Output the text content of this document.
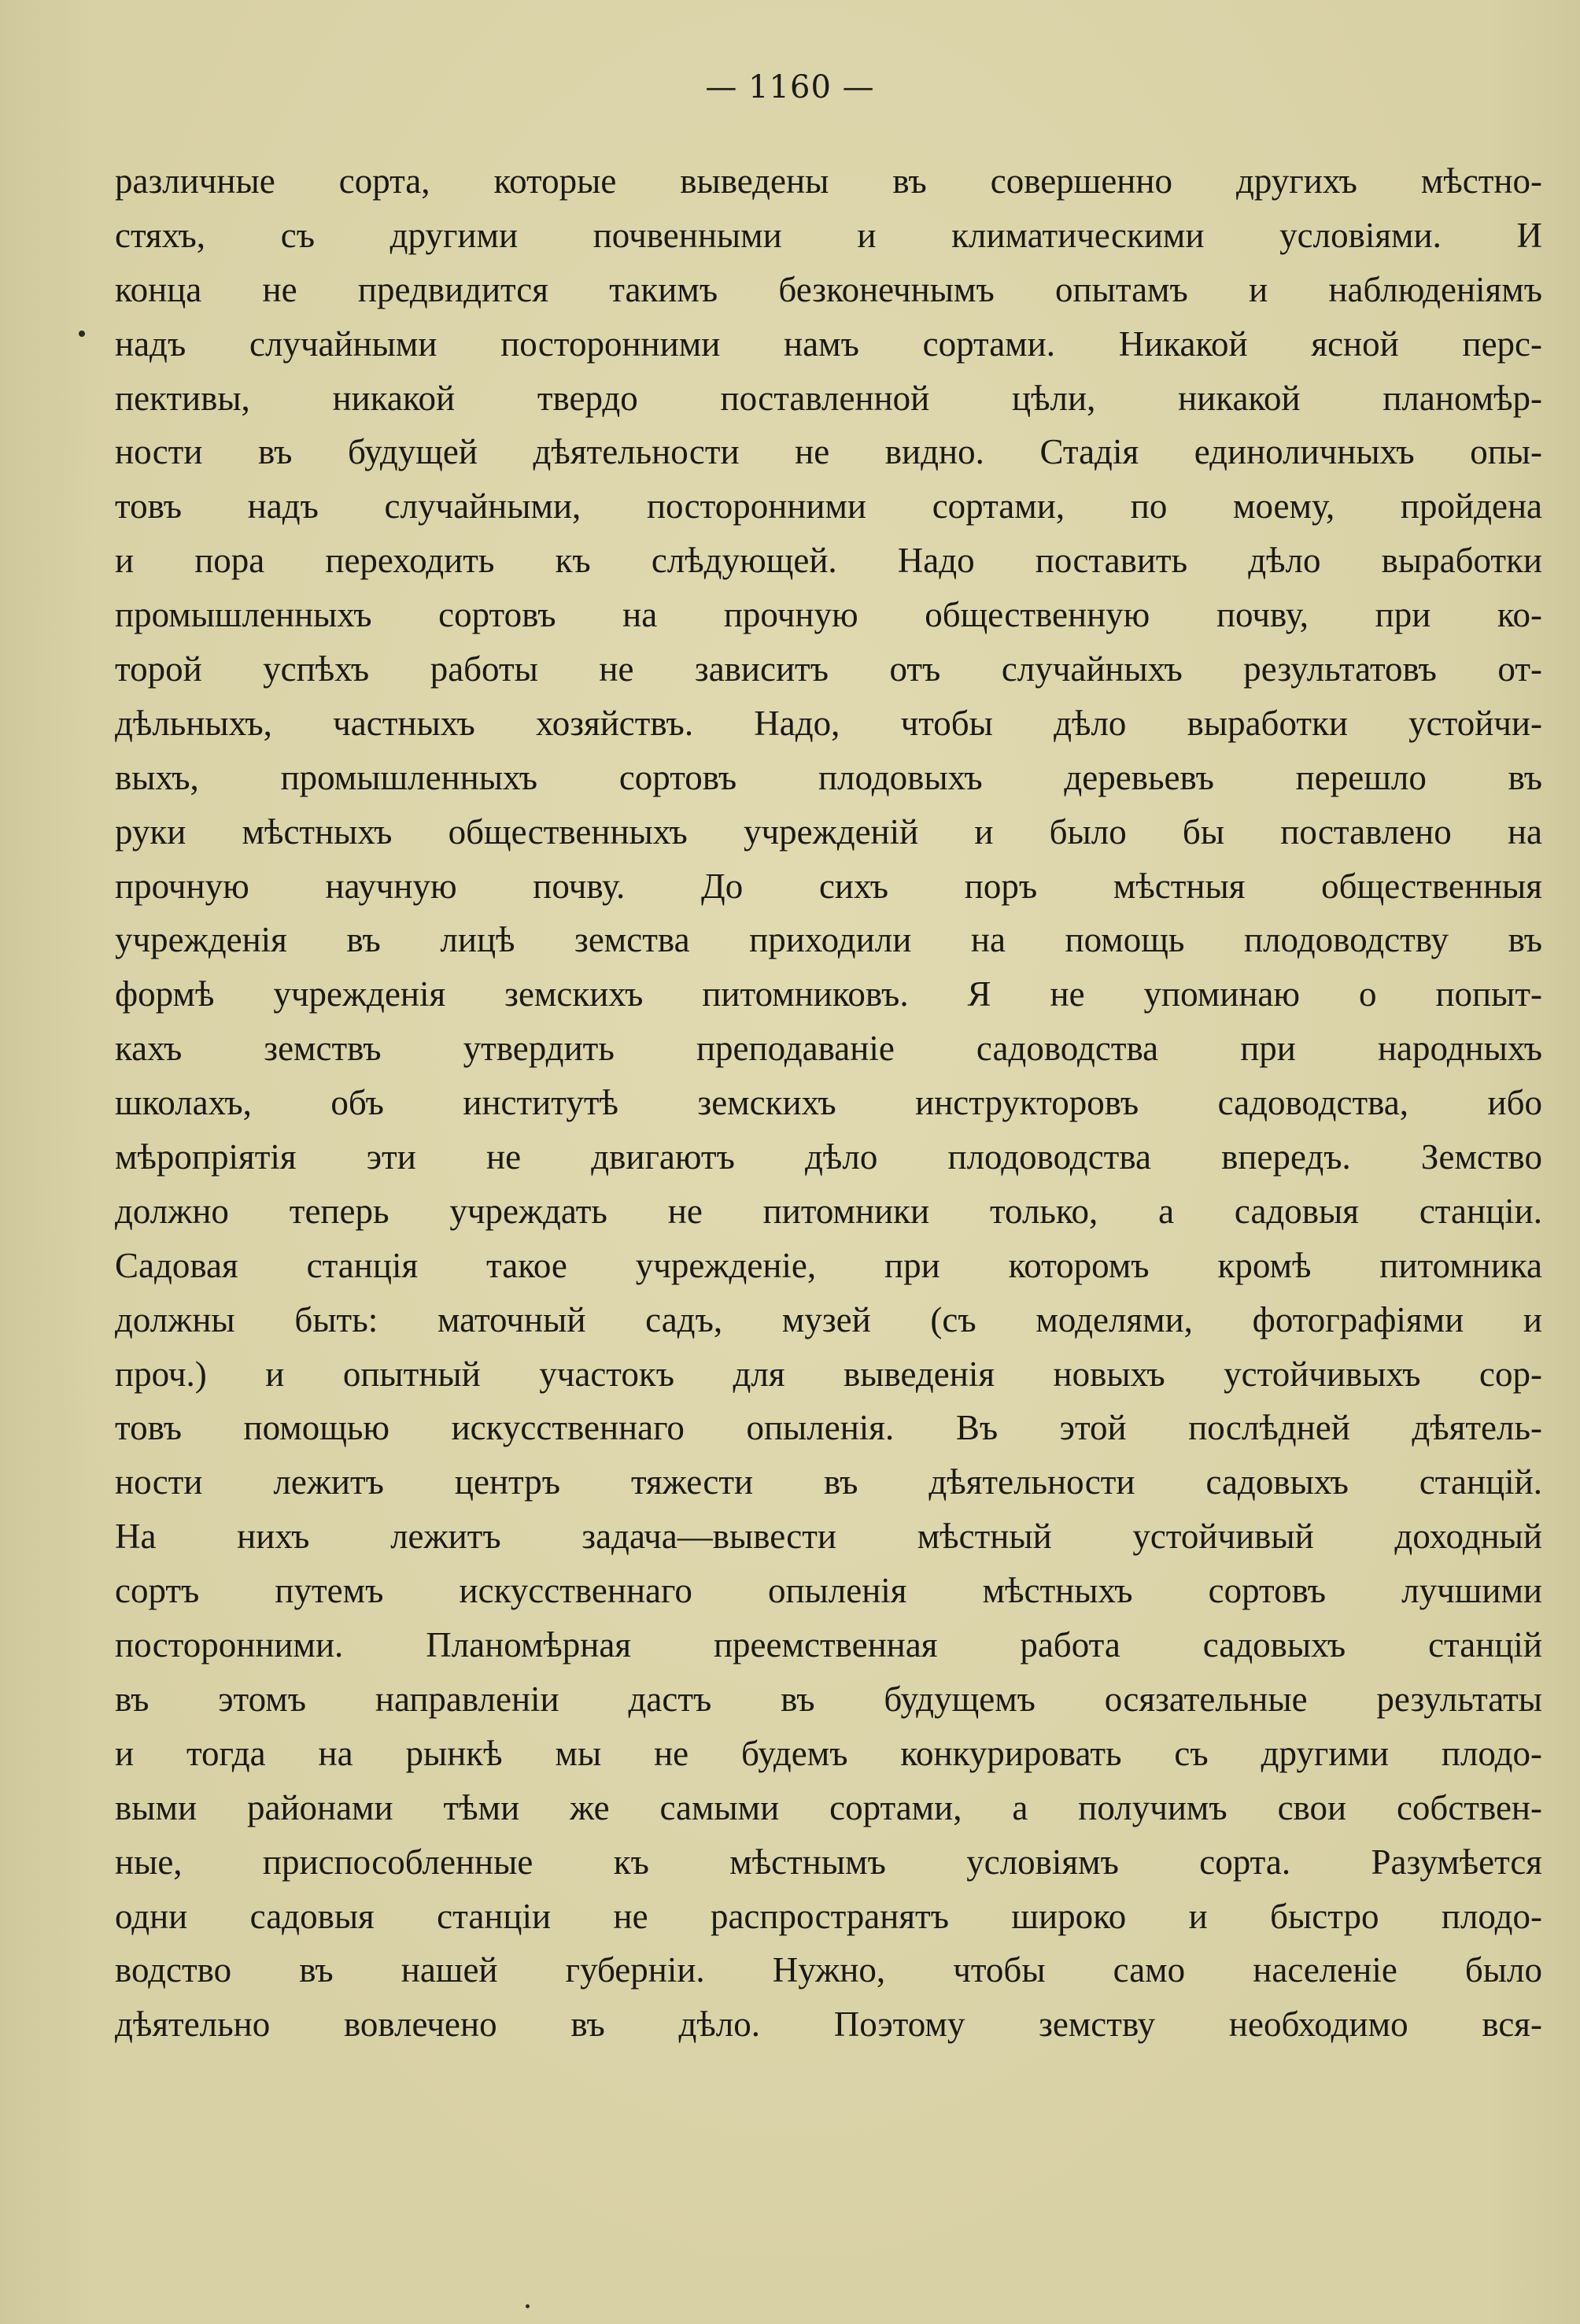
— 1160 —
различные сорта, которые выведены въ совершенно другихъ мѣстно-
стяхъ, съ другими почвенными и климатическими условіями. И
конца не предвидится такимъ безконечнымъ опытамъ и наблюденіямъ
надъ случайными посторонними намъ сортами. Никакой ясной перс-
пективы, никакой твердо поставленной цѣли, никакой планомѣр-
ности въ будущей дѣятельности не видно. Стадія единоличныхъ опы-
товъ надъ случайными, посторонними сортами, по моему, пройдена
и пора переходить къ слѣдующей. Надо поставить дѣло выработки
промышленныхъ сортовъ на прочную общественную почву, при ко-
торой успѣхъ работы не зависитъ отъ случайныхъ результатовъ от-
дѣльныхъ, частныхъ хозяйствъ. Надо, чтобы дѣло выработки устойчи-
выхъ, промышленныхъ сортовъ плодовыхъ деревьевъ перешло въ
руки мѣстныхъ общественныхъ учрежденій и было бы поставлено на
прочную научную почву. До сихъ поръ мѣстныя общественныя
учрежденія въ лицѣ земства приходили на помощь плодоводству въ
формѣ учрежденія земскихъ питомниковъ. Я не упоминаю о попыт-
кахъ земствъ утвердить преподаваніе садоводства при народныхъ
школахъ, объ институтѣ земскихъ инструкторовъ садоводства, ибо
мѣропріятія эти не двигаютъ дѣло плодоводства впередъ. Земство
должно теперь учреждать не питомники только, а садовыя станціи.
Садовая станція такое учрежденіе, при которомъ кромѣ питомника
должны быть: маточный садъ, музей (съ моделями, фотографіями и
проч.) и опытный участокъ для выведенія новыхъ устойчивыхъ сор-
товъ помощью искусственнаго опыленія. Въ этой послѣдней дѣятель-
ности лежитъ центръ тяжести въ дѣятельности садовыхъ станцій.
На нихъ лежитъ задача—вывести мѣстный устойчивый доходный
сортъ путемъ искусственнаго опыленія мѣстныхъ сортовъ лучшими
посторонними. Планомѣрная преемственная работа садовыхъ станцій
въ этомъ направленіи дастъ въ будущемъ осязательные результаты
и тогда на рынкѣ мы не будемъ конкурировать съ другими плодо-
выми районами тѣми же самыми сортами, а получимъ свои собствен-
ные, приспособленные къ мѣстнымъ условіямъ сорта. Разумѣется
одни садовыя станціи не распространятъ широко и быстро плодо-
водство въ нашей губерніи. Нужно, чтобы само населеніе было
дѣятельно вовлечено въ дѣло. Поэтому земству необходимо вся-
